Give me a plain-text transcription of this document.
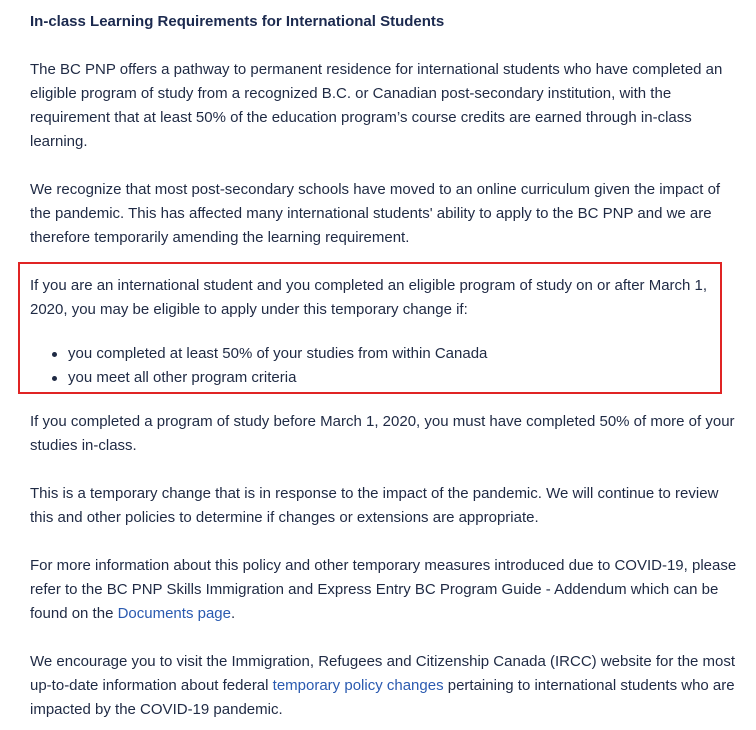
In-class Learning Requirements for International Students

The BC PNP offers a pathway to permanent residence for international students who have completed an eligible program of study from a recognized B.C. or Canadian post-secondary institution, with the requirement that at least 50% of the education program’s course credits are earned through in-class learning.

We recognize that most post-secondary schools have moved to an online curriculum given the impact of the pandemic. This has affected many international students' ability to apply to the BC PNP and we are therefore temporarily amending the learning requirement.

If you are an international student and you completed an eligible program of study on or after March 1, 2020, you may be eligible to apply under this temporary change if:

you completed at least 50% of your studies from within Canada
you meet all other program criteria

If you completed a program of study before March 1, 2020, you must have completed 50% of more of your studies in-class.

This is a temporary change that is in response to the impact of the pandemic. We will continue to review this and other policies to determine if changes or extensions are appropriate.

For more information about this policy and other temporary measures introduced due to COVID-19, please refer to the BC PNP Skills Immigration and Express Entry BC Program Guide - Addendum which can be found on the Documents page.

We encourage you to visit the Immigration, Refugees and Citizenship Canada (IRCC) website for the most up-to-date information about federal temporary policy changes pertaining to international students who are impacted by the COVID-19 pandemic.
